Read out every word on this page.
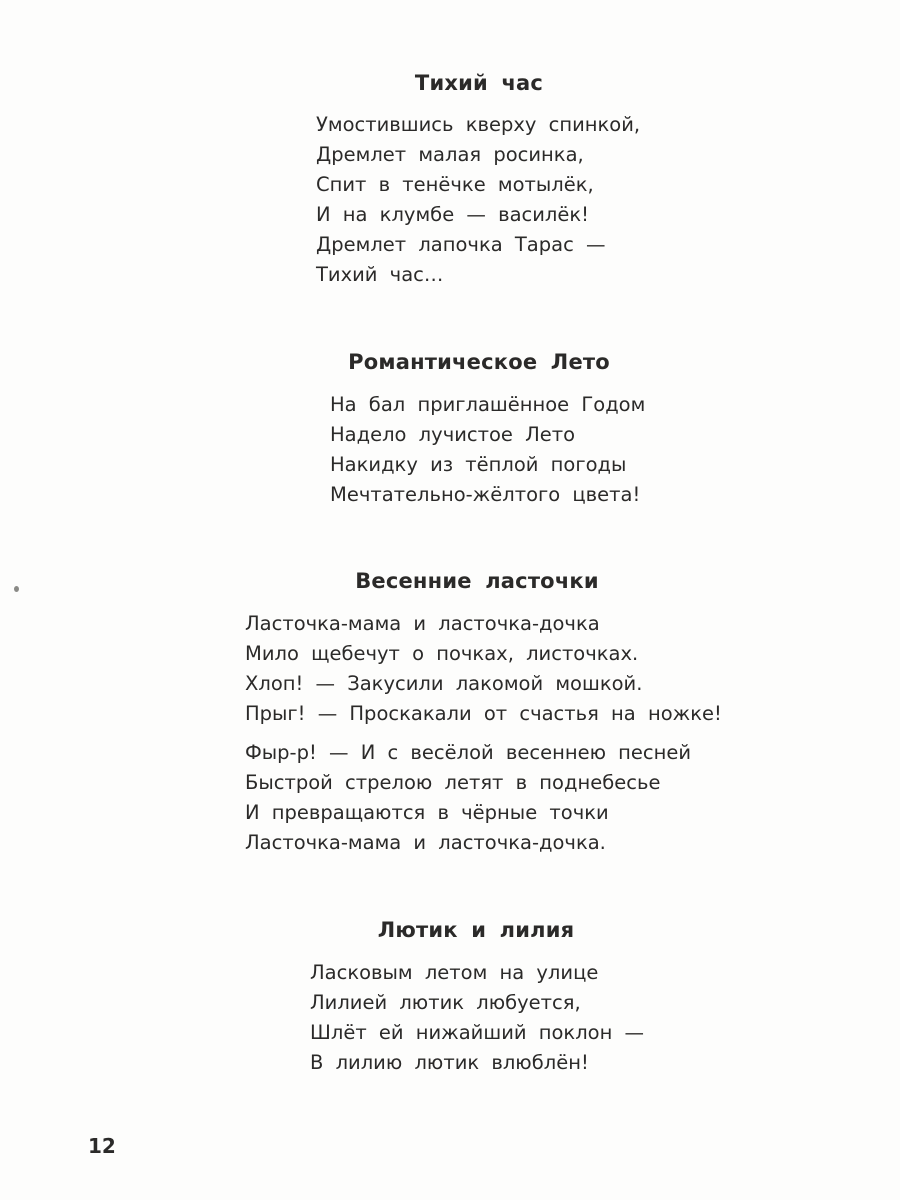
Тихий час
Умостившись кверху спинкой,
Дремлет малая росинка,
Спит в тенёчке мотылёк,
И на клумбе — василёк!
Дремлет лапочка Тарас —
Тихий час…
Романтическое Лето
На бал приглашённое Годом
Надело лучистое Лето
Накидку из тёплой погоды
Мечтательно-жёлтого цвета!
Весенние ласточки
Ласточка-мама и ласточка-дочка
Мило щебечут о почках, листочках.
Хлоп! — Закусили лакомой мошкой.
Прыг! — Проскакали от счастья на ножке!
Фыр-р! — И с весёлой весеннею песней
Быстрой стрелою летят в поднебесье
И превращаются в чёрные точки
Ласточка-мама и ласточка-дочка.
Лютик и лилия
Ласковым летом на улице
Лилией лютик любуется,
Шлёт ей нижайший поклон —
В лилию лютик влюблён!
12
